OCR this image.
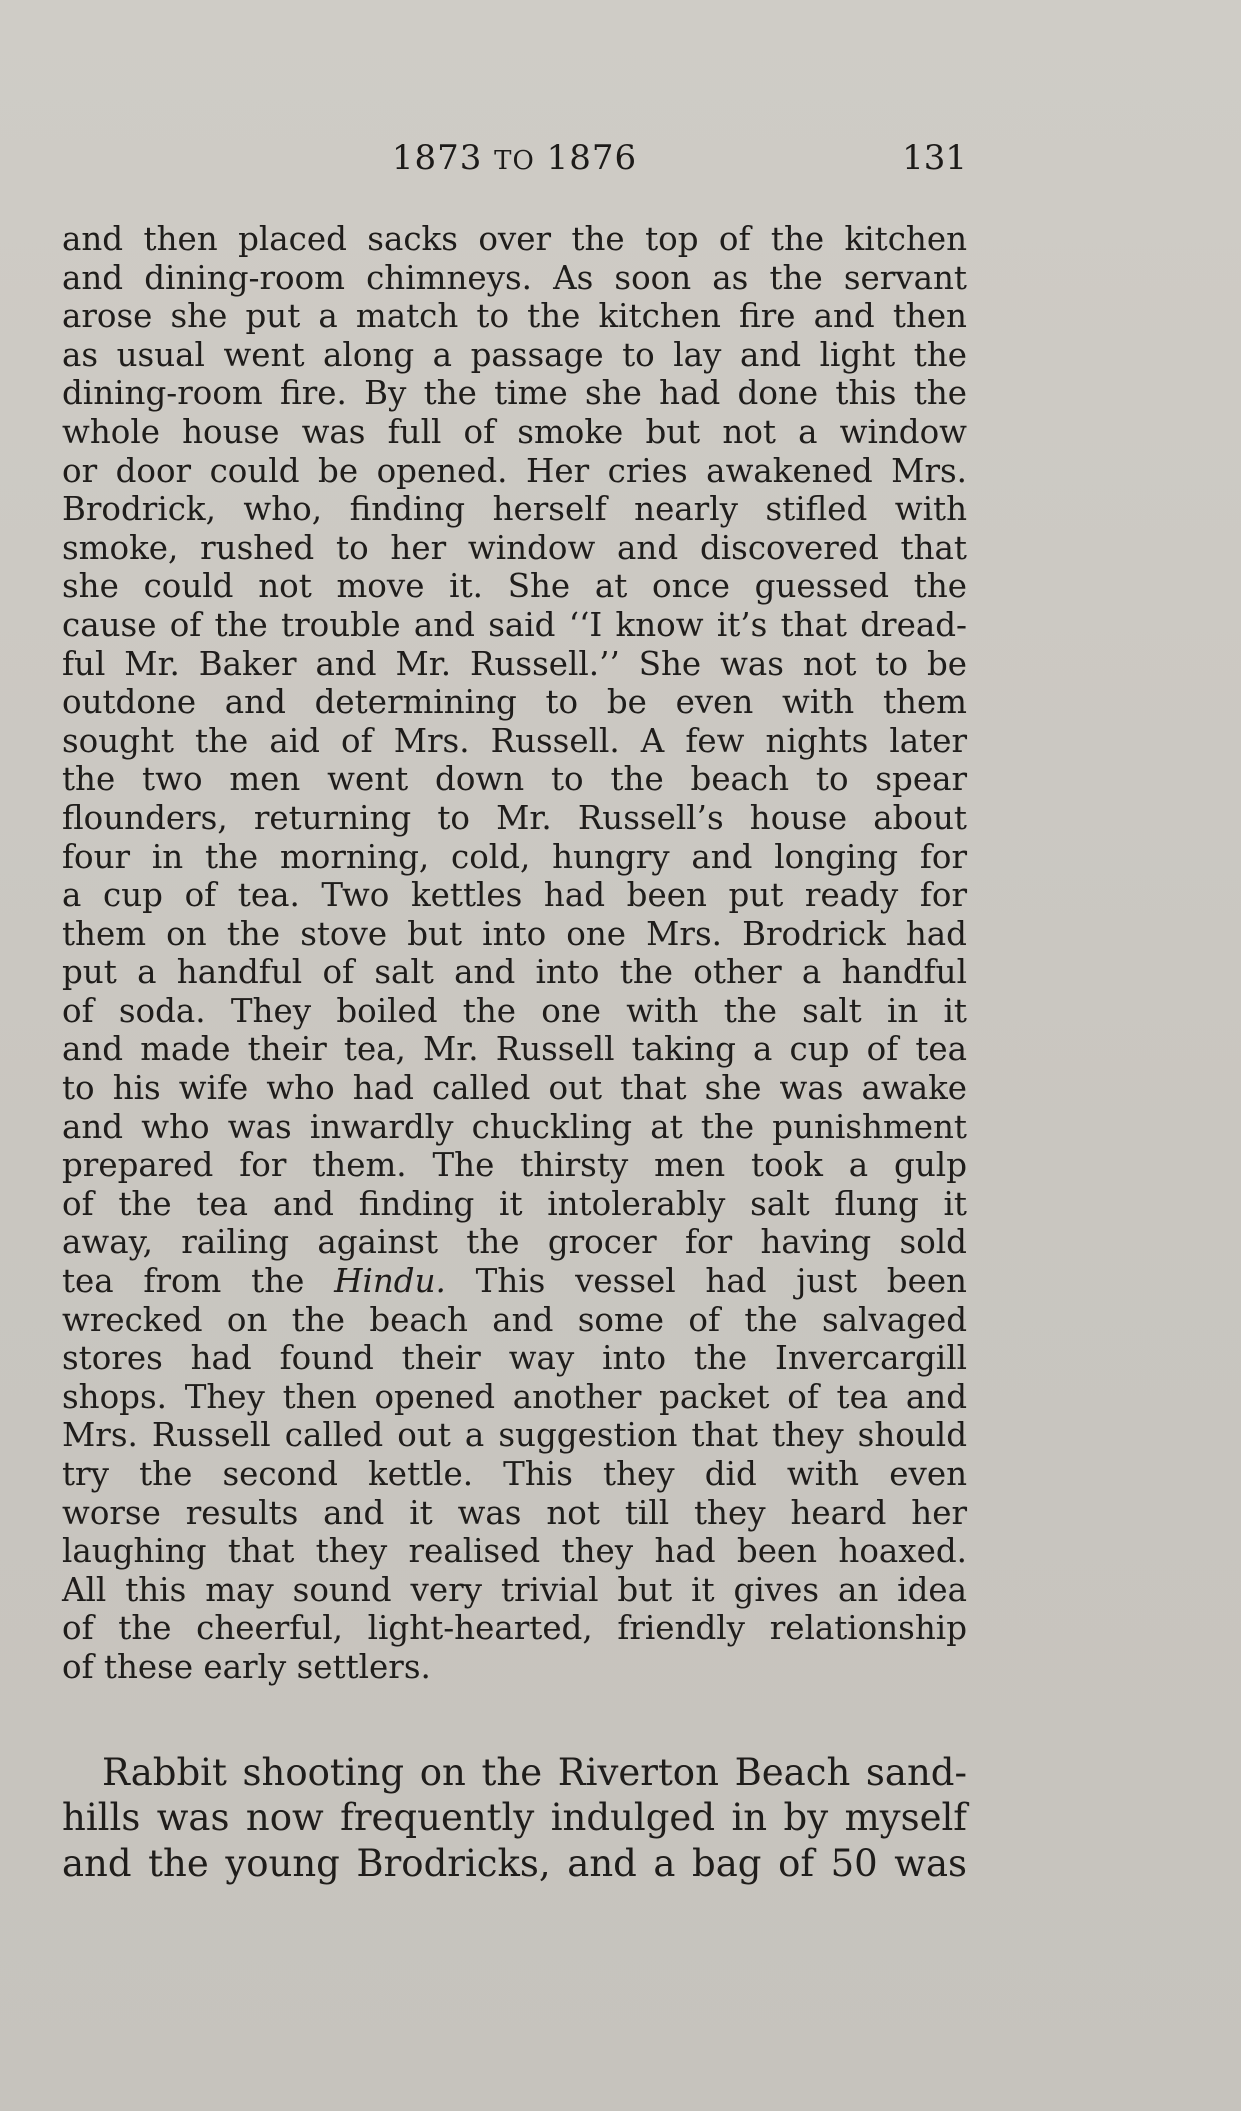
1873 TO 1876	131
and then placed sacks over the top of the kitchen
and dining-room chimneys. As soon as the servant
arose she put a match to the kitchen fire and then
as usual went along a passage to lay and light the
dining-room fire. By the time she had done this the
whole house was full of smoke but not a window
or door could be opened. Her cries awakened Mrs.
Brodrick, who, finding herself nearly stifled with
smoke, rushed to her window and discovered that
she could not move it. She at once guessed the
cause of the trouble and said ‘‘I know it’s that dread-
ful Mr. Baker and Mr. Russell.’’ She was not to be
outdone and determining to be even with them
sought the aid of Mrs. Russell. A few nights later
the two men went down to the beach to spear
flounders, returning to Mr. Russell’s house about
four in the morning, cold, hungry and longing for
a cup of tea. Two kettles had been put ready for
them on the stove but into one Mrs. Brodrick had
put a handful of salt and into the other a handful
of soda. They boiled the one with the salt in it
and made their tea, Mr. Russell taking a cup of tea
to his wife who had called out that she was awake
and who was inwardly chuckling at the punishment
prepared for them. The thirsty men took a gulp
of the tea and finding it intolerably salt flung it
away, railing against the grocer for having sold
tea from the Hindu. This vessel had just been
wrecked on the beach and some of the salvaged
stores had found their way into the Invercargill
shops. They then opened another packet of tea and
Mrs. Russell called out a suggestion that they should
try the second kettle. This they did with even
worse results and it was not till they heard her
laughing that they realised they had been hoaxed.
All this may sound very trivial but it gives an idea
of the cheerful, light-hearted, friendly relationship
of these early settlers.
Rabbit shooting on the Riverton Beach sand-
hills was now frequently indulged in by myself
and the young Brodricks, and a bag of 50 was
